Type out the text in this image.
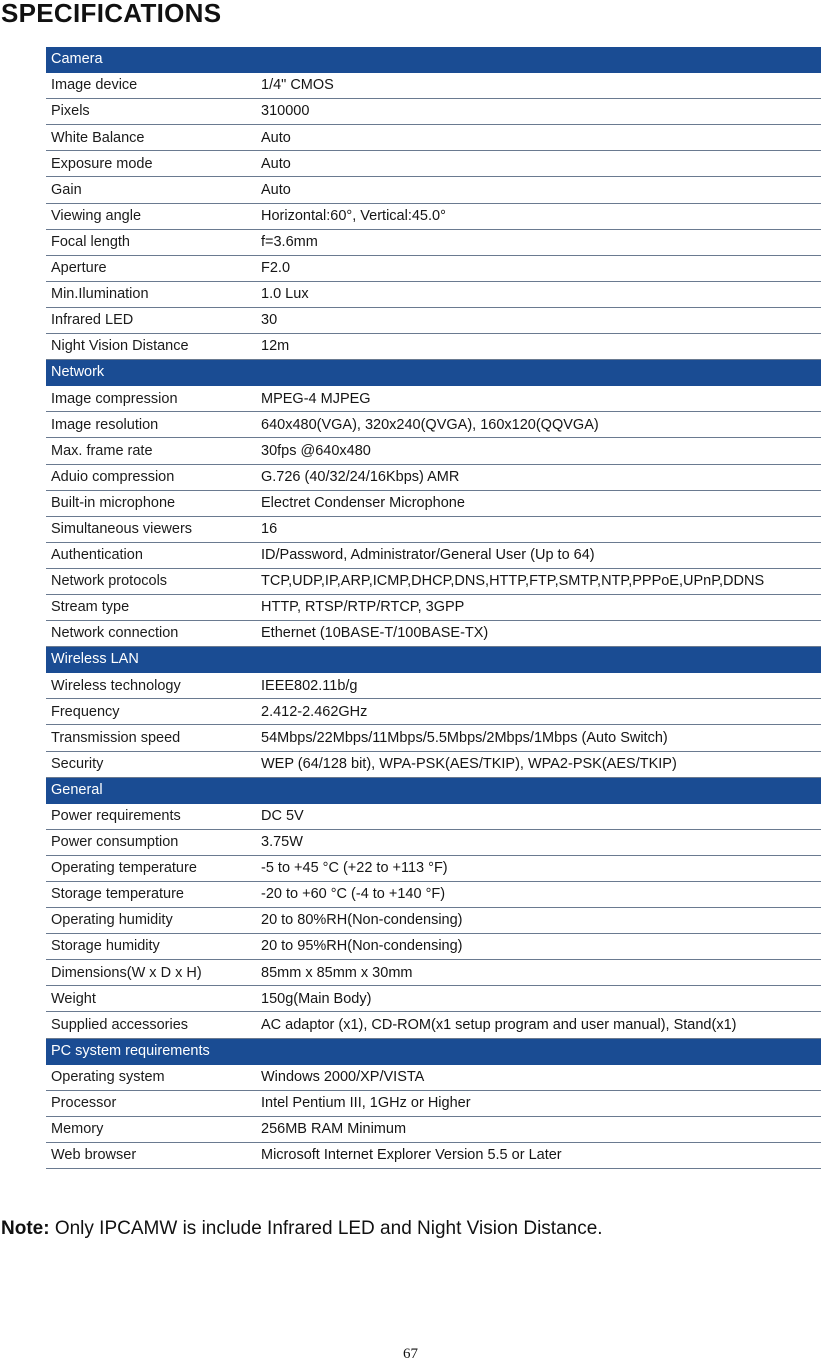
SPECIFICATIONS
Camera	
Image device	1/4" CMOS
Pixels	310000
White Balance	Auto
Exposure mode	Auto
Gain	Auto
Viewing angle	Horizontal:60°, Vertical:45.0°
Focal length	f=3.6mm
Aperture	F2.0
Min.Ilumination	1.0 Lux
Infrared LED	30
Night Vision Distance	12m
Network	
Image compression	MPEG-4 MJPEG
Image resolution	640x480(VGA), 320x240(QVGA), 160x120(QQVGA)
Max. frame rate	30fps @640x480
Aduio compression	G.726 (40/32/24/16Kbps) AMR
Built-in microphone	Electret Condenser Microphone
Simultaneous viewers	16
Authentication	ID/Password, Administrator/General User (Up to 64)
Network protocols	TCP,UDP,IP,ARP,ICMP,DHCP,DNS,HTTP,FTP,SMTP,NTP,PPPoE,UPnP,DDNS
Stream type	HTTP, RTSP/RTP/RTCP, 3GPP
Network connection	Ethernet (10BASE-T/100BASE-TX)
Wireless LAN	
Wireless technology	IEEE802.11b/g
Frequency	2.412-2.462GHz
Transmission speed	54Mbps/22Mbps/11Mbps/5.5Mbps/2Mbps/1Mbps (Auto Switch)
Security	WEP (64/128 bit), WPA-PSK(AES/TKIP), WPA2-PSK(AES/TKIP)
General	
Power requirements	DC 5V
Power consumption	3.75W
Operating temperature	-5 to +45 °C (+22 to +113 °F)
Storage temperature	-20 to +60 °C (-4 to +140 °F)
Operating humidity	20 to 80%RH(Non-condensing)
Storage humidity	20 to 95%RH(Non-condensing)
Dimensions(W x D x H)	85mm x 85mm x 30mm
Weight	150g(Main Body)
Supplied accessories	AC adaptor (x1), CD-ROM(x1 setup program and user manual), Stand(x1)
PC system requirements	
Operating system	Windows 2000/XP/VISTA
Processor	Intel Pentium III, 1GHz or Higher
Memory	256MB RAM Minimum
Web browser	Microsoft Internet Explorer Version 5.5 or Later

Note: Only IPCAMW is include Infrared LED and Night Vision Distance.

67
